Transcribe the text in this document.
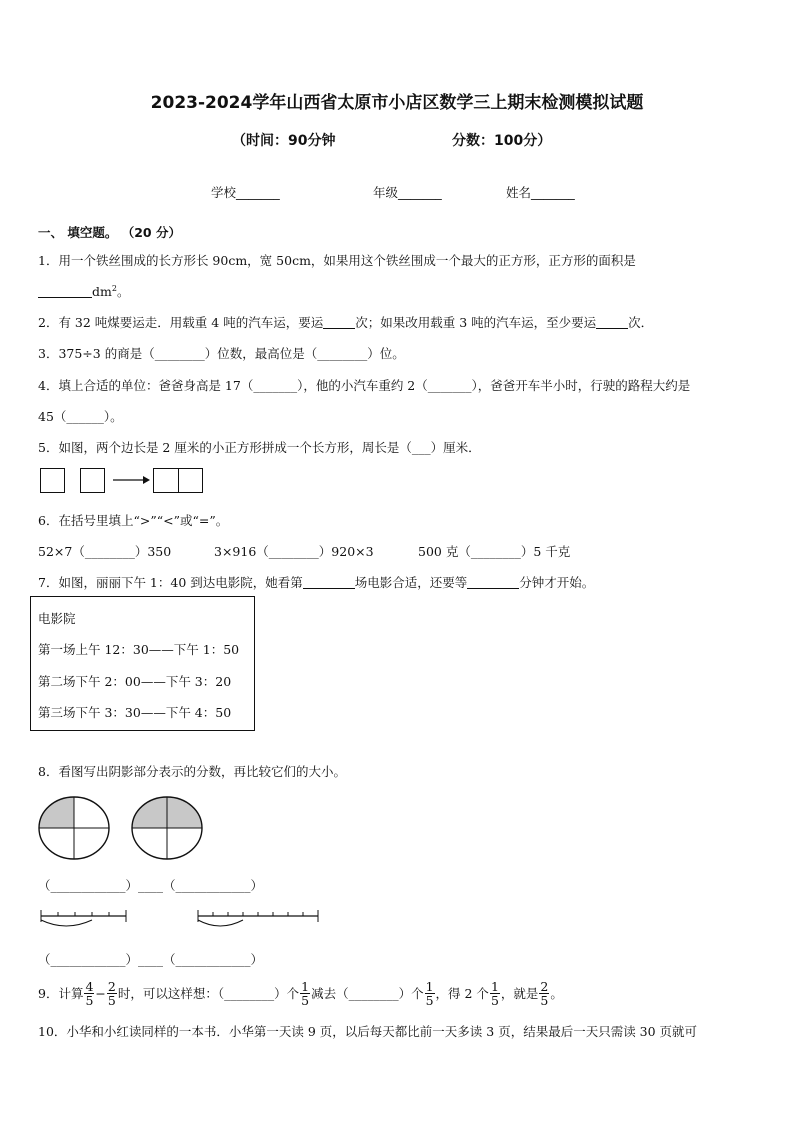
2023-2024学年山西省太原市小店区数学三上期末检测模拟试题
（时间：90分钟	分数：100分）
学校_______	年级_______	姓名_______
一、 填空题。 （20 分）
1．用一个铁丝围成的长方形长 90cm，宽 50cm，如果用这个铁丝围成一个最大的正方形，正方形的面积是
$dm^2$。
2．有 32 吨煤要运走．用载重 4 吨的汽车运，要运	次；如果改用载重 3 吨的汽车运，至少要运	次．
3．375÷3 的商是（________）位数，最高位是（________）位。
4．填上合适的单位：爸爸身高是 17（_______），他的小汽车重约 2（_______），爸爸开车半小时，行驶的路程大约是
45（______）。
5．如图，两个边长是 2 厘米的小正方形拼成一个长方形，周长是（___）厘米．
6．在括号里填上“>”“<”或“=”。
52×7（________）350	3×916（________）920×3	500 克（________）5 千克
7．如图，丽丽下午 1：40 到达电影院，她看第	场电影合适，还要等	分钟才开始。
电影院
第一场上午 12：30——下午 1：50
第二场下午 2：00——下午 3：20
第三场下午 3：30——下午 4：50
8．看图写出阴影部分表示的分数，再比较它们的大小。
（____________）____（____________）
（____________）____（____________）
9．计算 $\frac{4}{5} - \frac{2}{5}$ 时，可以这样想：（________）个 $\frac{1}{5}$ 减去（________）个 $\frac{1}{5}$ ，得 2 个 $\frac{1}{5}$ ，就是 $\frac{2}{5}$ 。
10．小华和小红读同样的一本书．小华第一天读 9 页，以后每天都比前一天多读 3 页，结果最后一天只需读 30 页就可
